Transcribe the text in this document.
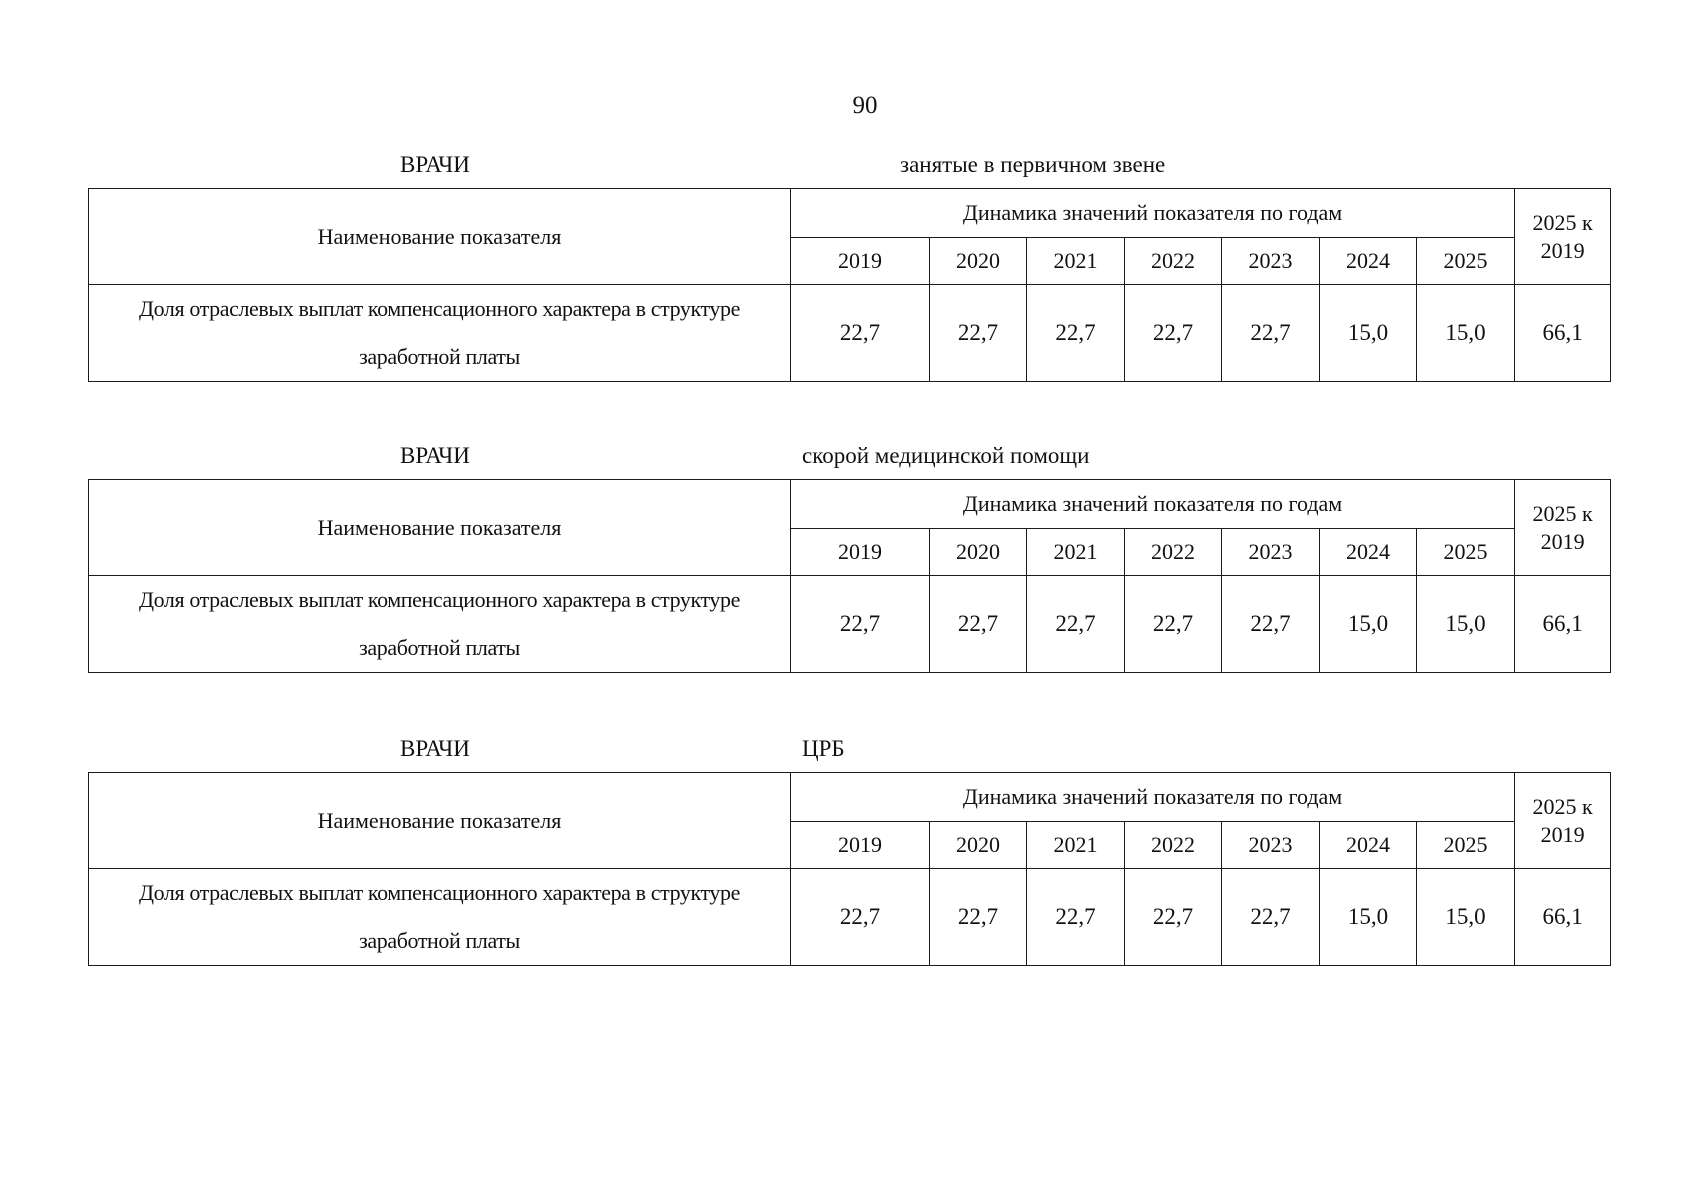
90
ВРАЧИ	занятые в первичном звене
Наименование показателя	Динамика значений показателя по годам							2025 к
2019
	2019	2020	2021	2022	2023	2024	2025	
Доля отраслевых выплат компенсационного характера в структуре
заработной платы	22,7	22,7	22,7	22,7	22,7	15,0	15,0	66,1
ВРАЧИ	скорой медицинской помощи
Наименование показателя	Динамика значений показателя по годам							2025 к
2019
	2019	2020	2021	2022	2023	2024	2025	
Доля отраслевых выплат компенсационного характера в структуре
заработной платы	22,7	22,7	22,7	22,7	22,7	15,0	15,0	66,1
ВРАЧИ	ЦРБ
Наименование показателя	Динамика значений показателя по годам							2025 к
2019
	2019	2020	2021	2022	2023	2024	2025	
Доля отраслевых выплат компенсационного характера в структуре
заработной платы	22,7	22,7	22,7	22,7	22,7	15,0	15,0	66,1
